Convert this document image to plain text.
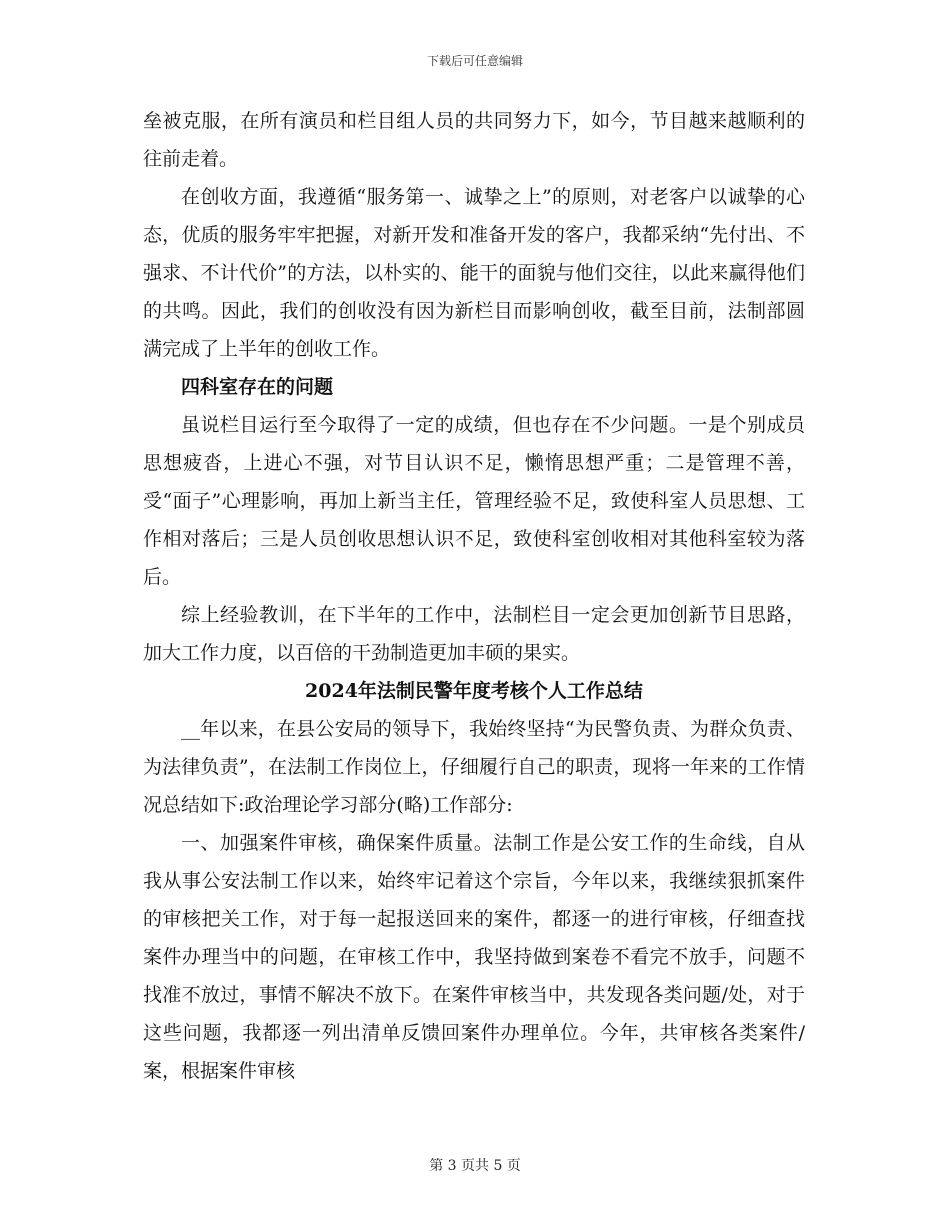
下载后可任意编辑

垒被克服，在所有演员和栏目组人员的共同努力下，如今，节目越来越顺利的往前走着。

在创收方面，我遵循“服务第一、诚挚之上”的原则，对老客户以诚挚的心态，优质的服务牢牢把握，对新开发和准备开发的客户，我都采纳“先付出、不强求、不计代价”的方法，以朴实的、能干的面貌与他们交往，以此来赢得他们的共鸣。因此，我们的创收没有因为新栏目而影响创收，截至目前，法制部圆满完成了上半年的创收工作。

四科室存在的问题

虽说栏目运行至今取得了一定的成绩，但也存在不少问题。一是个别成员思想疲沓，上进心不强，对节目认识不足，懒惰思想严重；二是管理不善，受“面子”心理影响，再加上新当主任，管理经验不足，致使科室人员思想、工作相对落后；三是人员创收思想认识不足，致使科室创收相对其他科室较为落后。

综上经验教训，在下半年的工作中，法制栏目一定会更加创新节目思路，加大工作力度，以百倍的干劲制造更加丰硕的果实。

2024年法制民警年度考核个人工作总结

__年以来，在县公安局的领导下，我始终坚持“为民警负责、为群众负责、为法律负责”，在法制工作岗位上，仔细履行自己的职责，现将一年来的工作情况总结如下:政治理论学习部分(略)工作部分:

一、加强案件审核，确保案件质量。法制工作是公安工作的生命线，自从我从事公安法制工作以来，始终牢记着这个宗旨，今年以来，我继续狠抓案件的审核把关工作，对于每一起报送回来的案件，都逐一的进行审核，仔细查找案件办理当中的问题，在审核工作中，我坚持做到案卷不看完不放手，问题不找准不放过，事情不解决不放下。在案件审核当中，共发现各类问题/处，对于这些问题，我都逐一列出清单反馈回案件办理单位。今年，共审核各类案件/案，根据案件审核

第 3 页共 5 页
